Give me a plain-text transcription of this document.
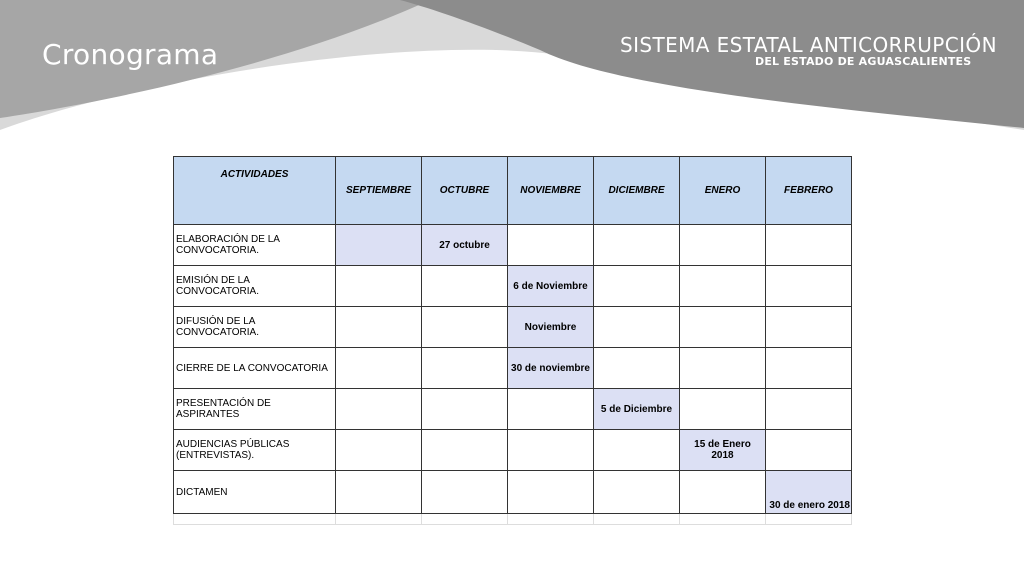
Cronograma	SISTEMA ESTATAL ANTICORRUPCIÓN
DEL ESTADO DE AGUASCALIENTES
ACTIVIDADES	SEPTIEMBRE	OCTUBRE	NOVIEMBRE	DICIEMBRE	ENERO	FEBRERO
ELABORACIÓN DE LA CONVOCATORIA.		27 octubre				
EMISIÓN DE LA CONVOCATORIA.			6 de Noviembre			
DIFUSIÓN DE LA CONVOCATORIA.			Noviembre			
CIERRE DE LA CONVOCATORIA			30 de noviembre			
PRESENTACIÓN DE ASPIRANTES				5 de Diciembre		
AUDIENCIAS PÚBLICAS (ENTREVISTAS).					15 de Enero 2018	
DICTAMEN						30 de enero 2018
